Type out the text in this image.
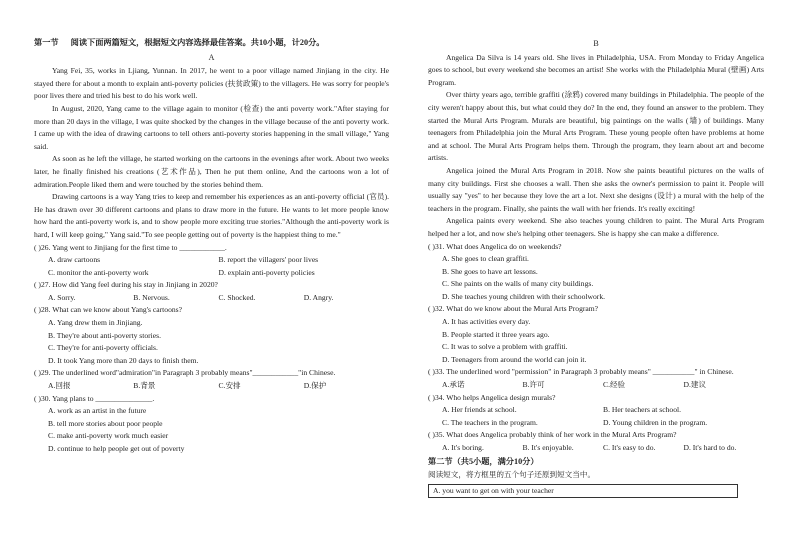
第一节 阅读下面两篇短文，根据短文内容选择最佳答案。共10小题，计20分。
A

Yang Fei, 35, works in Ljiang, Yunnan. In 2017, he went to a poor village named Jinjiang in the city. He stayed there for about a month to explain anti-poverty policies (扶贫政策) to the villagers. He was sorry for people's poor lives there and tried his best to do his work well.

In August, 2020, Yang came to the village again to monitor (检查) the anti poverty work."After staying for more than 20 days in the village, I was quite shocked by the changes in the village because of the anti poverty work. I came up with the idea of drawing cartoons to tell others anti-poverty stories happening in the small village," Yang said.

As soon as he left the village, he started working on the cartoons in the evenings after work. About two weeks later, he finally finished his creations (艺术作品), Then he put them online, And the cartoons won a lot of admiration.People liked them and were touched by the stories behind them.

Drawing cartoons is a way Yang tries to keep and remember his experiences as an anti-poverty official (官员). He has drawn over 30 different cartoons and plans to draw more in the future. He wants to let more people know how hard the anti-poverty work is, and to show people more exciting true stories."Although the anti-poverty work is hard, I will keep going," Yang said."To see people getting out of poverty is the happiest thing to me."

( )26. Yang went to Jinjiang for the first time to ____________.
A. draw cartoons	B. report the villagers' poor lives
C. monitor the anti-poverty work	D. explain anti-poverty policies
( )27. How did Yang feel during his stay in Jinjiang in 2020?
A. Sorry.	B. Nervous.	C. Shocked.	D. Angry.
( )28. What can we know about Yang's cartoons?
A. Yang drew them in Jinjiang.
B. They're about anti-poverty stories.
C. They're for anti-poverty officials.
D. It took Yang more than 20 days to finish them.
( )29. The underlined word"admiration"in Paragraph 3 probably means"____________"in Chinese.
A.回报	B.背景	C.安排	D.保护
( )30. Yang plans to _______________.
A. work as an artist in the future
B. tell more stories about poor people
C. make anti-poverty work much easier
D. continue to help people get out of poverty
B

Angelica Da Silva is 14 years old. She lives in Philadelphia, USA. From Monday to Friday Angelica goes to school, but every weekend she becomes an artist! She works with the Philadelphia Mural (壁画) Arts Program.

Over thirty years ago, terrible graffiti (涂鸦) covered many buildings in Philadelphia. The people of the city weren't happy about this, but what could they do? In the end, they found an answer to the problem. They started the Mural Arts Program. Murals are beautiful, big paintings on the walls (墙) of buildings. Many teenagers from Philadelphia join the Mural Arts Program. These young people often have problems at home and at school. The Mural Arts Program helps them. Through the program, they learn about art and become artists.

Angelica joined the Mural Arts Program in 2018. Now she paints beautiful pictures on the walls of many city buildings. First she chooses a wall. Then she asks the owner's permission to paint it. People will usually say "yes" to her because they love the art a lot. Next she designs (设计) a mural with the help of the teachers in the program. Finally, she paints the wall with her friends. It's really exciting!

Angelica paints every weekend. She also teaches young children to paint. The Mural Arts Program helped her a lot, and now she's helping other teenagers. She is happy she can make a difference.

( )31. What does Angelica do on weekends?
A. She goes to clean graffiti.
B. She goes to have art lessons.
C. She paints on the walls of many city buildings.
D. She teaches young children with their schoolwork.
( )32. What do we know about the Mural Arts Program?
A. It has activities every day.
B. People started it three years ago.
C. It was to solve a problem with graffiti.
D. Teenagers from around the world can join it.
( )33. The underlined word "permission" in Paragraph 3 probably means" ___________" in Chinese.
A.承诺	B.许可	C.经验	D.建议
( )34. Who helps Angelica design murals?
A. Her friends at school.	B. Her teachers at school.
C. The teachers in the program.	D. Young children in the program.
( )35. What does Angelica probably think of her work in the Mural Arts Program?
A. It's boring.	B. It's enjoyable.	C. It's easy to do.	D. It's hard to do.
第二节（共5小题，满分10分）
阅读短文，将方框里的五个句子还原到短文当中。
A. you want to get on with your teacher
